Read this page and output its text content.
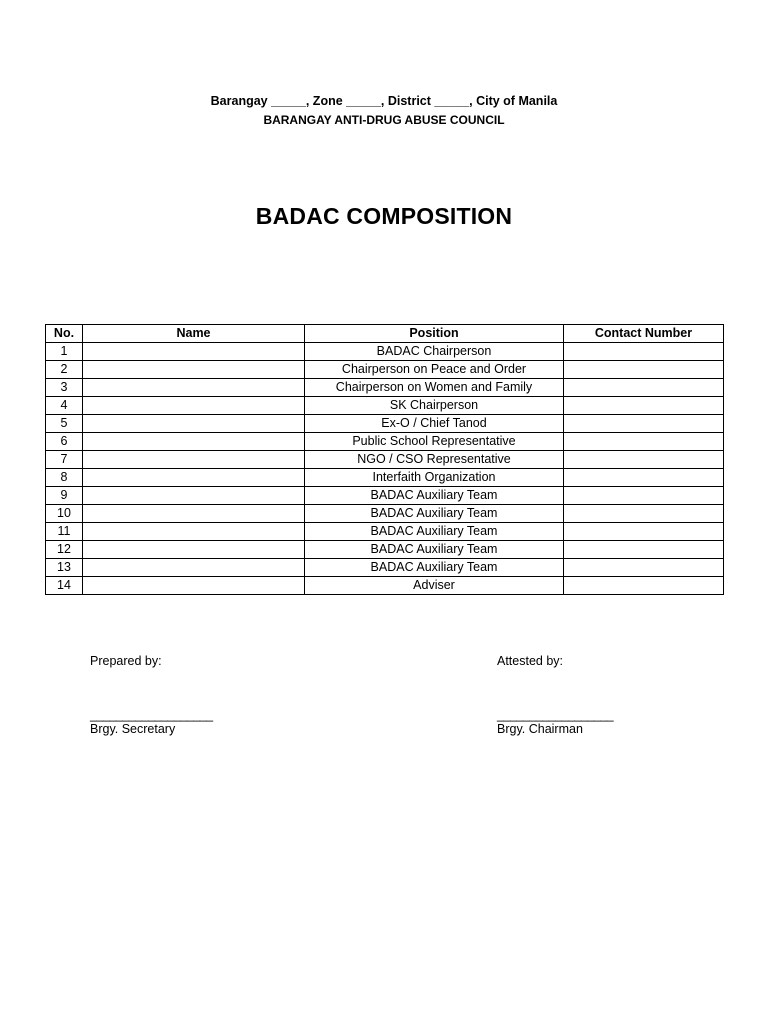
Barangay _____, Zone _____, District _____, City of Manila
BARANGAY ANTI-DRUG ABUSE COUNCIL
BADAC COMPOSITION
No.	Name	Position	Contact Number
1		BADAC Chairperson	
2		Chairperson on Peace and Order	
3		Chairperson on Women and Family	
4		SK Chairperson	
5		Ex-O / Chief Tanod	
6		Public School Representative	
7		NGO / CSO Representative	
8		Interfaith Organization	
9		BADAC Auxiliary Team	
10		BADAC Auxiliary Team	
11		BADAC Auxiliary Team	
12		BADAC Auxiliary Team	
13		BADAC Auxiliary Team	
14		Adviser	
Prepared by:
___________________
Brgy. Secretary
Attested by:
__________________
Brgy. Chairman
